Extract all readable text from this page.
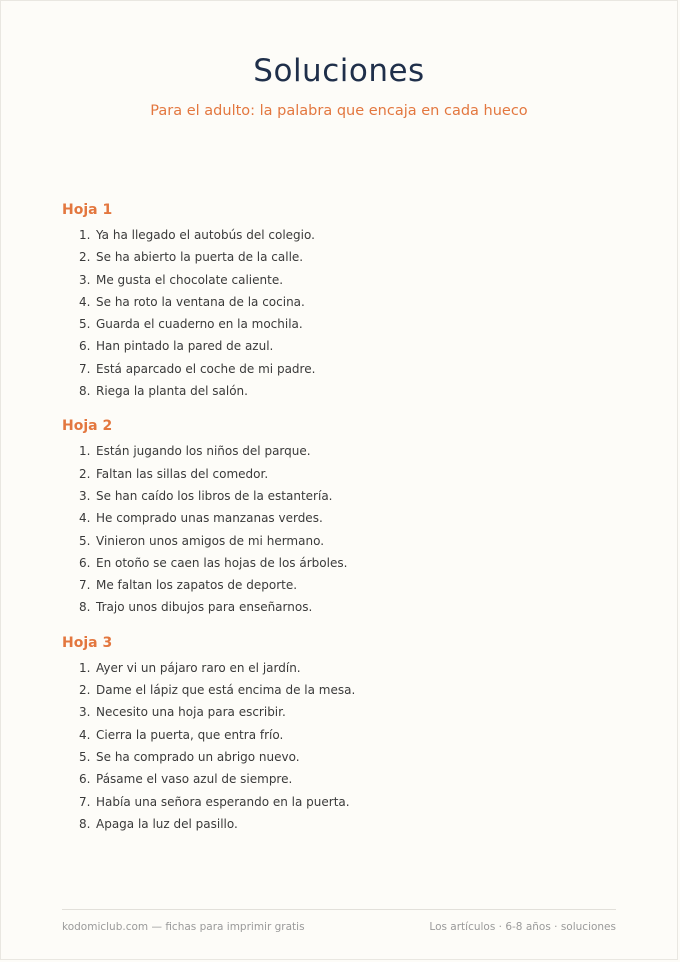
Soluciones

Para el adulto: la palabra que encaja en cada hueco

Hoja 1
1. Ya ha llegado el autobús del colegio.
2. Se ha abierto la puerta de la calle.
3. Me gusta el chocolate caliente.
4. Se ha roto la ventana de la cocina.
5. Guarda el cuaderno en la mochila.
6. Han pintado la pared de azul.
7. Está aparcado el coche de mi padre.
8. Riega la planta del salón.
Hoja 2
1. Están jugando los niños del parque.
2. Faltan las sillas del comedor.
3. Se han caído los libros de la estantería.
4. He comprado unas manzanas verdes.
5. Vinieron unos amigos de mi hermano.
6. En otoño se caen las hojas de los árboles.
7. Me faltan los zapatos de deporte.
8. Trajo unos dibujos para enseñarnos.
Hoja 3
1. Ayer vi un pájaro raro en el jardín.
2. Dame el lápiz que está encima de la mesa.
3. Necesito una hoja para escribir.
4. Cierra la puerta, que entra frío.
5. Se ha comprado un abrigo nuevo.
6. Pásame el vaso azul de siempre.
7. Había una señora esperando en la puerta.
8. Apaga la luz del pasillo.
kodomiclub.com — fichas para imprimir gratis	Los artículos · 6-8 años · soluciones
